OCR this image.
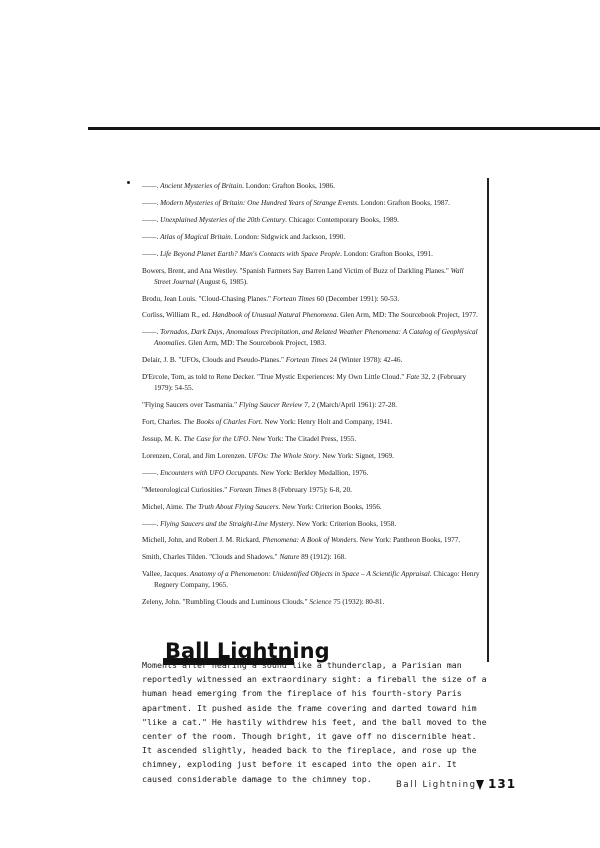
——. Ancient Mysteries of Britain. London: Grafton Books, 1986.
——. Modern Mysteries of Britain: One Hundred Years of Strange Events. London: Grafton Books, 1987.
——. Unexplained Mysteries of the 20th Century. Chicago: Contemporary Books, 1989.
——. Atlas of Magical Britain. London: Sidgwick and Jackson, 1990.
——. Life Beyond Planet Earth? Man's Contacts with Space People. London: Grafton Books, 1991.
Bowers, Brent, and Ana Westley. "Spanish Farmers Say Barren Land Victim of Buzz of Darkling Planes." Wall Street Journal (August 6, 1985).
Brodu, Jean Louis. "Cloud-Chasing Planes." Fortean Times 60 (December 1991): 50-53.
Corliss, William R., ed. Handbook of Unusual Natural Phenomena. Glen Arm, MD: The Sourcebook Project, 1977.
——. Tornados, Dark Days, Anomalous Precipitation, and Related Weather Phenomena: A Catalog of Geophysical Anomalies. Glen Arm, MD: The Sourcebook Project, 1983.
Delair, J. B. "UFOs, Clouds and Pseudo-Planes." Fortean Times 24 (Winter 1978): 42-46.
D'Ercole, Tom, as told to Rene Decker. "True Mystic Experiences: My Own Little Cloud." Fate 32, 2 (February 1979): 54-55.
"Flying Saucers over Tasmania." Flying Saucer Review 7, 2 (March/April 1961): 27-28.
Fort, Charles. The Books of Charles Fort. New York: Henry Holt and Company, 1941.
Jessup, M. K. The Case for the UFO. New York: The Citadel Press, 1955.
Lorenzen, Coral, and Jim Lorenzen. UFOs: The Whole Story. New York: Signet, 1969.
——. Encounters with UFO Occupants. New York: Berkley Medallion, 1976.
"Meteorological Curiosities." Fortean Times 8 (February 1975): 6-8, 20.
Michel, Aime. The Truth About Flying Saucers. New York: Criterion Books, 1956.
——. Flying Saucers and the Straight-Line Mystery. New York: Criterion Books, 1958.
Michell, John, and Robert J. M. Rickard. Phenomena: A Book of Wonders. New York: Pantheon Books, 1977.
Smith, Charles Tilden. "Clouds and Shadows." Nature 89 (1912): 168.
Vallee, Jacques. Anatomy of a Phenomenon: Unidentified Objects in Space – A Scientific Appraisal. Chicago: Henry Regnery Company, 1965.
Zeleny, John. "Rumbling Clouds and Luminous Clouds." Science 75 (1932): 80-81.
Ball Lightning

Moments after hearing a sound like a thunderclap, a Parisian man reportedly witnessed an extraordinary sight: a fireball the size of a human head emerging from the fireplace of his fourth-story Paris apartment. It pushed aside the frame covering and darted toward him "like a cat." He hastily withdrew his feet, and the ball moved to the center of the room. Though bright, it gave off no discernible heat. It ascended slightly, headed back to the fireplace, and rose up the chimney, exploding just before it escaped into the open air. It caused considerable damage to the chimney top.

Ball Lightning 131
